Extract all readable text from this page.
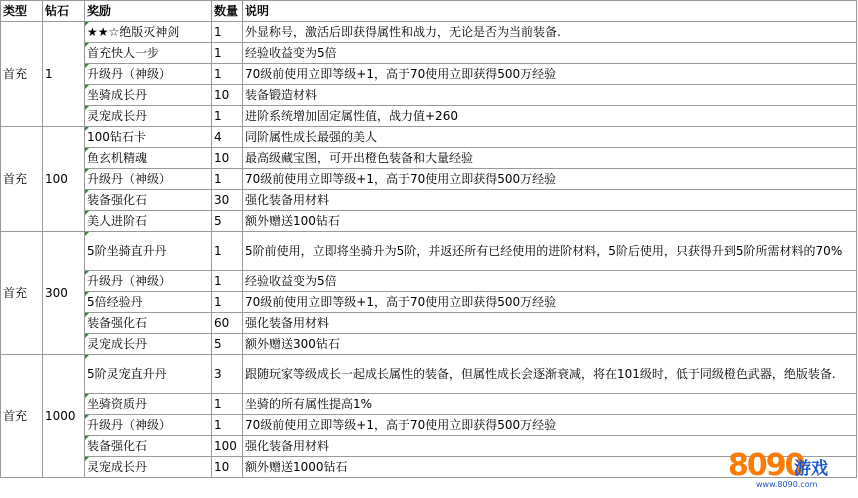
类型	钻石	奖励	数量	说明
首充	1	★★☆绝版灭神剑	1	外显称号，激活后即获得属性和战力，无论是否为当前装备.
		首充快人一步	1	经验收益变为5倍
		升级丹（神级）	1	70级前使用立即等级+1，高于70使用立即获得500万经验
		坐骑成长丹	10	装备锻造材料
		灵宠成长丹	1	进阶系统增加固定属性值，战力值+260
首充	100	100钻石卡	4	同阶属性成长最强的美人
		鱼玄机精魂	10	最高级藏宝图，可开出橙色装备和大量经验
		升级丹（神级）	1	70级前使用立即等级+1，高于70使用立即获得500万经验
		装备强化石	30	强化装备用材料
		美人进阶石	5	额外赠送100钻石
首充	300	5阶坐骑直升丹	1	5阶前使用，立即将坐骑升为5阶，并返还所有已经使用的进阶材料，5阶后使用，只获得升到5阶所需材料的70%
		升级丹（神级）	1	经验收益变为5倍
		5倍经验丹	1	70级前使用立即等级+1，高于70使用立即获得500万经验
		装备强化石	60	强化装备用材料
		灵宠成长丹	5	额外赠送300钻石
首充	1000	5阶灵宠直升丹	3	跟随玩家等级成长一起成长属性的装备，但属性成长会逐渐衰减，将在101级时，低于同级橙色武器，绝版装备.
		坐骑资质丹	1	坐骑的所有属性提高1%
		升级丹（神级）	1	70级前使用立即等级+1，高于70使用立即获得500万经验
		装备强化石	100	强化装备用材料
		灵宠成长丹	10	额外赠送1000钻石	8090
游戏
www.8090.com
